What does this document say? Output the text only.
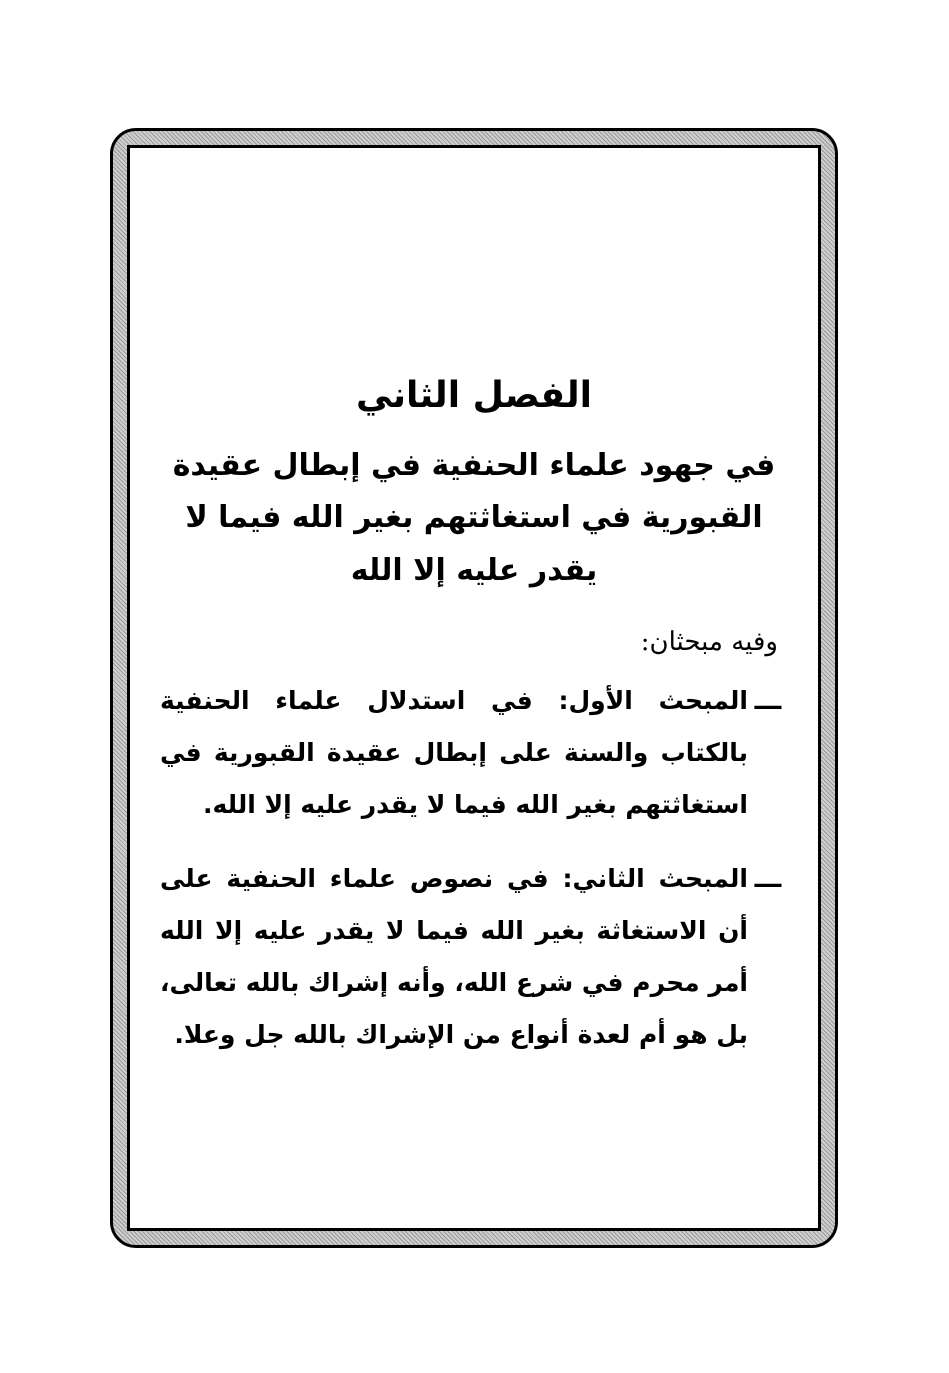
الفصل الثاني
في جهود علماء الحنفية في إبطال عقيدة القبورية في استغاثتهم بغير الله فيما لا يقدر عليه إلا الله
وفيه مبحثان:
ـــ
المبحث الأول: في استدلال علماء الحنفية بالكتاب والسنة على إبطال عقيدة القبورية في استغاثتهم بغير الله فيما لا يقدر عليه إلا الله.
ـــ
المبحث الثاني: في نصوص علماء الحنفية على أن الاستغاثة بغير الله فيما لا يقدر عليه إلا الله أمر محرم في شرع الله، وأنه إشراك بالله تعالى، بل هو أم لعدة أنواع من الإشراك بالله جل وعلا.
